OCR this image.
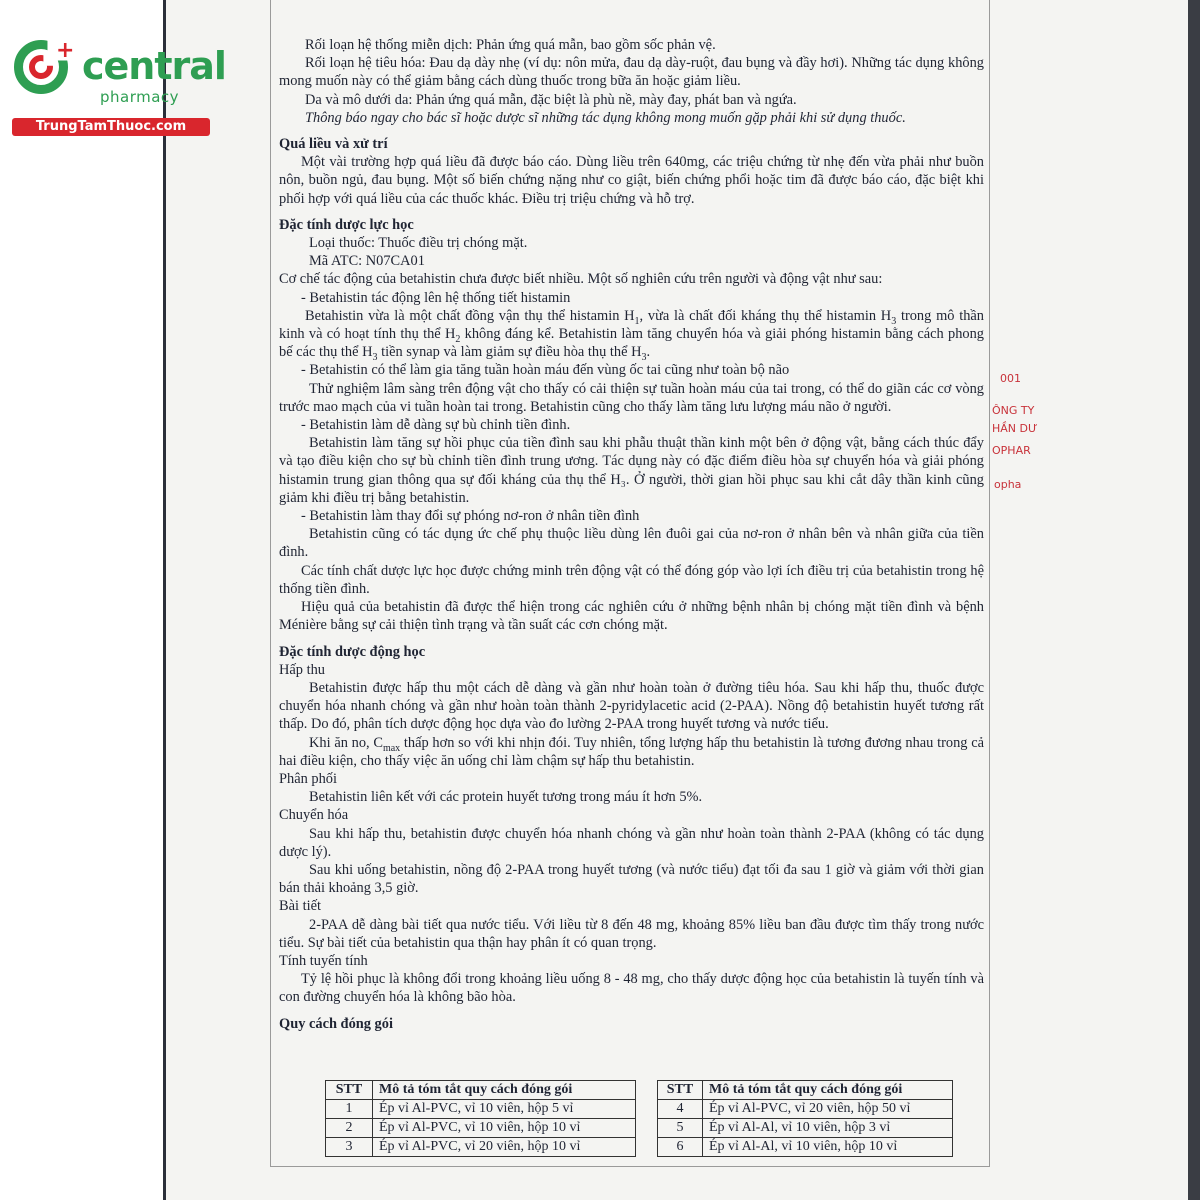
+ central
pharmacy
TrungTamThuoc.com
001
ÔNG TY
HẦN DƯ
OPHAR
opha

Rối loạn hệ thống miễn dịch: Phản ứng quá mẫn, bao gồm sốc phản vệ.

Rối loạn hệ tiêu hóa: Đau dạ dày nhẹ (ví dụ: nôn mửa, đau dạ dày-ruột, đau bụng và đầy hơi). Những tác dụng không mong muốn này có thể giảm bằng cách dùng thuốc trong bữa ăn hoặc giảm liều.

Da và mô dưới da: Phản ứng quá mẫn, đặc biệt là phù nề, mày đay, phát ban và ngứa.

Thông báo ngay cho bác sĩ hoặc dược sĩ những tác dụng không mong muốn gặp phải khi sử dụng thuốc.

Quá liều và xử trí

Một vài trường hợp quá liều đã được báo cáo. Dùng liều trên 640mg, các triệu chứng từ nhẹ đến vừa phải như buồn nôn, buồn ngủ, đau bụng. Một số biến chứng nặng như co giật, biến chứng phổi hoặc tim đã được báo cáo, đặc biệt khi phối hợp với quá liều của các thuốc khác. Điều trị triệu chứng và hỗ trợ.

Đặc tính dược lực học

Loại thuốc: Thuốc điều trị chóng mặt.

Mã ATC: N07CA01

Cơ chế tác động của betahistin chưa được biết nhiều. Một số nghiên cứu trên người và động vật như sau:

- Betahistin tác động lên hệ thống tiết histamin

Betahistin vừa là một chất đồng vận thụ thể histamin $H_1$, vừa là chất đối kháng thụ thể histamin $H_3$ trong mô thần kinh và có hoạt tính thụ thể $H_2$ không đáng kể. Betahistin làm tăng chuyển hóa và giải phóng histamin bằng cách phong bế các thụ thể $H_3$ tiền synap và làm giảm sự điều hòa thụ thể $H_3$.

- Betahistin có thể làm gia tăng tuần hoàn máu đến vùng ốc tai cũng như toàn bộ não

Thử nghiệm lâm sàng trên động vật cho thấy có cải thiện sự tuần hoàn máu của tai trong, có thể do giãn các cơ vòng trước mao mạch của vi tuần hoàn tai trong. Betahistin cũng cho thấy làm tăng lưu lượng máu não ở người.

- Betahistin làm dễ dàng sự bù chỉnh tiền đình.

Betahistin làm tăng sự hồi phục của tiền đình sau khi phẫu thuật thần kinh một bên ở động vật, bằng cách thúc đẩy và tạo điều kiện cho sự bù chỉnh tiền đình trung ương. Tác dụng này có đặc điểm điều hòa sự chuyển hóa và giải phóng histamin trung gian thông qua sự đối kháng của thụ thể H₃. Ở người, thời gian hồi phục sau khi cắt dây thần kinh cũng giảm khi điều trị bằng betahistin.

- Betahistin làm thay đổi sự phóng nơ-ron ở nhân tiền đình

Betahistin cũng có tác dụng ức chế phụ thuộc liều dùng lên đuôi gai của nơ-ron ở nhân bên và nhân giữa của tiền đình.

Các tính chất dược lực học được chứng minh trên động vật có thể đóng góp vào lợi ích điều trị của betahistin trong hệ thống tiền đình.

Hiệu quả của betahistin đã được thể hiện trong các nghiên cứu ở những bệnh nhân bị chóng mặt tiền đình và bệnh Ménière bằng sự cải thiện tình trạng và tần suất các cơn chóng mặt.

Đặc tính dược động học

Hấp thu

Betahistin được hấp thu một cách dễ dàng và gần như hoàn toàn ở đường tiêu hóa. Sau khi hấp thu, thuốc được chuyển hóa nhanh chóng và gần như hoàn toàn thành 2-pyridylacetic acid (2-PAA). Nồng độ betahistin huyết tương rất thấp. Do đó, phân tích dược động học dựa vào đo lường 2-PAA trong huyết tương và nước tiểu.

Khi ăn no, $C_{max}$ thấp hơn so với khi nhịn đói. Tuy nhiên, tổng lượng hấp thu betahistin là tương đương nhau trong cả hai điều kiện, cho thấy việc ăn uống chỉ làm chậm sự hấp thu betahistin.

Phân phối

Betahistin liên kết với các protein huyết tương trong máu ít hơn 5%.

Chuyển hóa

Sau khi hấp thu, betahistin được chuyển hóa nhanh chóng và gần như hoàn toàn thành 2-PAA (không có tác dụng dược lý).

Sau khi uống betahistin, nồng độ 2-PAA trong huyết tương (và nước tiểu) đạt tối đa sau 1 giờ và giảm với thời gian bán thải khoảng 3,5 giờ.

Bài tiết

2-PAA dễ dàng bài tiết qua nước tiểu. Với liều từ 8 đến 48 mg, khoảng 85% liều ban đầu được tìm thấy trong nước tiểu. Sự bài tiết của betahistin qua thận hay phân ít có quan trọng.

Tính tuyến tính

Tỷ lệ hồi phục là không đổi trong khoảng liều uống 8 - 48 mg, cho thấy dược động học của betahistin là tuyến tính và con đường chuyển hóa là không bão hòa.

Quy cách đóng gói

STT	Mô tả tóm tắt quy cách đóng gói
1	Ép vỉ Al-PVC, vỉ 10 viên, hộp 5 vỉ
2	Ép vỉ Al-PVC, vỉ 10 viên, hộp 10 vỉ
3	Ép vỉ Al-PVC, vỉ 20 viên, hộp 10 vỉ
STT	Mô tả tóm tắt quy cách đóng gói
4	Ép vỉ Al-PVC, vỉ 20 viên, hộp 50 vỉ
5	Ép vỉ Al-Al, vỉ 10 viên, hộp 3 vỉ
6	Ép vỉ Al-Al, vỉ 10 viên, hộp 10 vỉ
